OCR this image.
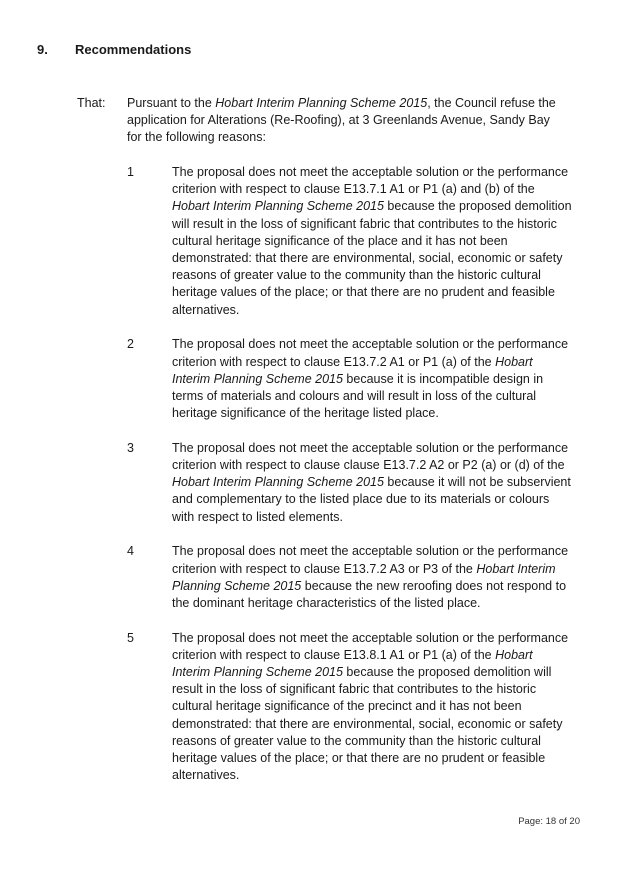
9. Recommendations
That: Pursuant to the Hobart Interim Planning Scheme 2015, the Council refuse the application for Alterations (Re-Roofing), at 3 Greenlands Avenue, Sandy Bay for the following reasons:
1	The proposal does not meet the acceptable solution or the performance criterion with respect to clause E13.7.1 A1 or P1 (a) and (b) of the Hobart Interim Planning Scheme 2015 because the proposed demolition will result in the loss of significant fabric that contributes to the historic cultural heritage significance of the place and it has not been demonstrated: that there are environmental, social, economic or safety reasons of greater value to the community than the historic cultural heritage values of the place; or that there are no prudent and feasible alternatives.
2	The proposal does not meet the acceptable solution or the performance criterion with respect to clause E13.7.2 A1 or P1 (a) of the Hobart Interim Planning Scheme 2015 because it is incompatible design in terms of materials and colours and will result in loss of the cultural heritage significance of the heritage listed place.
3	The proposal does not meet the acceptable solution or the performance criterion with respect to clause clause E13.7.2 A2 or P2 (a) or (d) of the Hobart Interim Planning Scheme 2015 because it will not be subservient and complementary to the listed place due to its materials or colours with respect to listed elements.
4	The proposal does not meet the acceptable solution or the performance criterion with respect to clause E13.7.2 A3 or P3 of the Hobart Interim Planning Scheme 2015 because the new reroofing does not respond to the dominant heritage characteristics of the listed place.
5	The proposal does not meet the acceptable solution or the performance criterion with respect to clause E13.8.1 A1 or P1 (a) of the Hobart Interim Planning Scheme 2015 because the proposed demolition will result in the loss of significant fabric that contributes to the historic cultural heritage significance of the precinct and it has not been demonstrated: that there are environmental, social, economic or safety reasons of greater value to the community than the historic cultural heritage values of the place; or that there are no prudent or feasible alternatives.
Page: 18 of 20
